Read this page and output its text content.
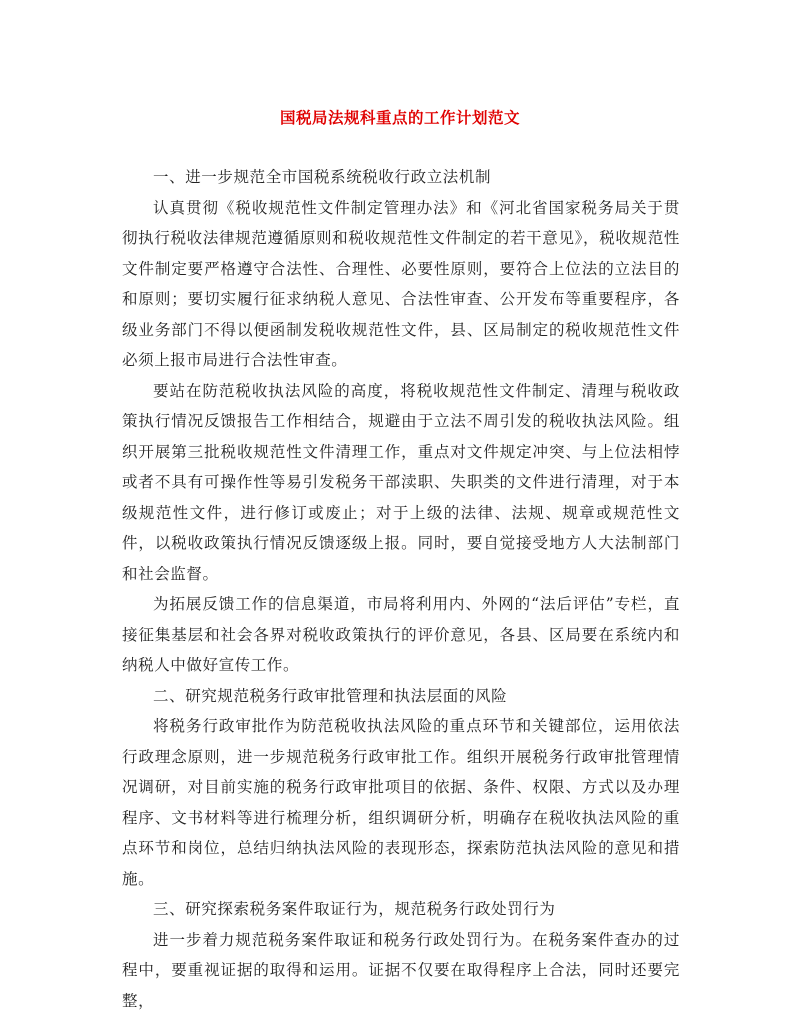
国税局法规科重点的工作计划范文

一、进一步规范全市国税系统税收行政立法机制

认真贯彻《税收规范性文件制定管理办法》和《河北省国家税务局关于贯彻执行税收法律规范遵循原则和税收规范性文件制定的若干意见》，税收规范性文件制定要严格遵守合法性、合理性、必要性原则，要符合上位法的立法目的和原则；要切实履行征求纳税人意见、合法性审查、公开发布等重要程序，各级业务部门不得以便函制发税收规范性文件，县、区局制定的税收规范性文件必须上报市局进行合法性审查。

要站在防范税收执法风险的高度，将税收规范性文件制定、清理与税收政策执行情况反馈报告工作相结合，规避由于立法不周引发的税收执法风险。组织开展第三批税收规范性文件清理工作，重点对文件规定冲突、与上位法相悖或者不具有可操作性等易引发税务干部渎职、失职类的文件进行清理，对于本级规范性文件，进行修订或废止；对于上级的法律、法规、规章或规范性文件，以税收政策执行情况反馈逐级上报。同时，要自觉接受地方人大法制部门和社会监督。

为拓展反馈工作的信息渠道，市局将利用内、外网的“法后评估”专栏，直接征集基层和社会各界对税收政策执行的评价意见，各县、区局要在系统内和纳税人中做好宣传工作。

二、研究规范税务行政审批管理和执法层面的风险

将税务行政审批作为防范税收执法风险的重点环节和关键部位，运用依法行政理念原则，进一步规范税务行政审批工作。组织开展税务行政审批管理情况调研，对目前实施的税务行政审批项目的依据、条件、权限、方式以及办理程序、文书材料等进行梳理分析，组织调研分析，明确存在税收执法风险的重点环节和岗位，总结归纳执法风险的表现形态，探索防范执法风险的意见和措施。

三、研究探索税务案件取证行为，规范税务行政处罚行为

进一步着力规范税务案件取证和税务行政处罚行为。在税务案件查办的过程中，要重视证据的取得和运用。证据不仅要在取得程序上合法，同时还要完整，
